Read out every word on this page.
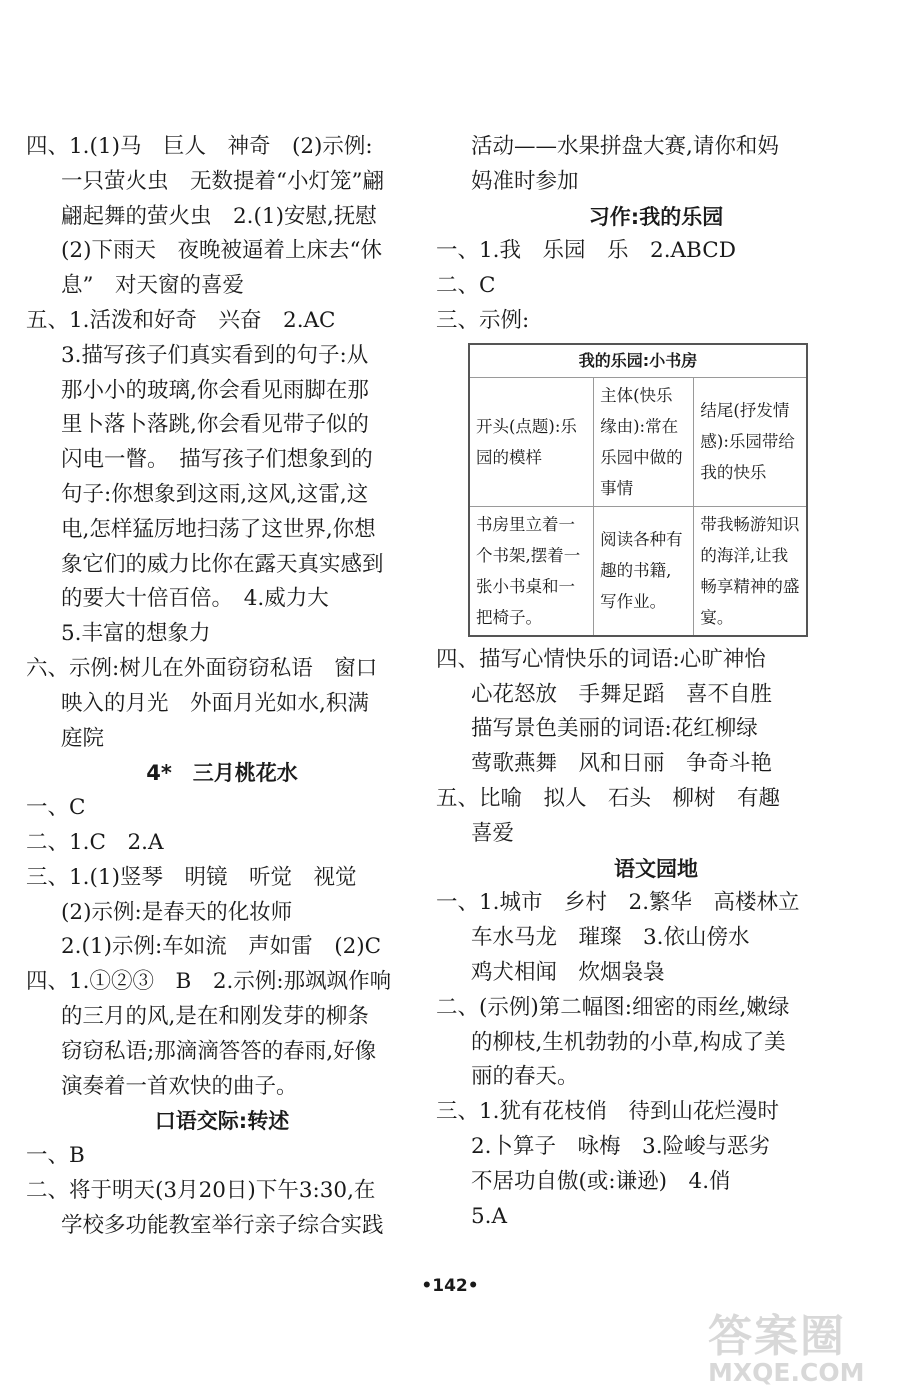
四、1.(1)马　巨人　神奇　(2)示例:
一只萤火虫　无数提着“小灯笼”翩
翩起舞的萤火虫　2.(1)安慰,抚慰
(2)下雨天　夜晚被逼着上床去“休
息”　对天窗的喜爱
五、1.活泼和好奇　兴奋　2.AC
3.描写孩子们真实看到的句子:从
那小小的玻璃,你会看见雨脚在那
里卜落卜落跳,你会看见带子似的
闪电一瞥。　描写孩子们想象到的
句子:你想象到这雨,这风,这雷,这
电,怎样猛厉地扫荡了这世界,你想
象它们的威力比你在露天真实感到
的要大十倍百倍。　4.威力大
5.丰富的想象力
六、示例:树儿在外面窃窃私语　窗口
映入的月光　外面月光如水,积满
庭院
4*　三月桃花水
一、C
二、1.C　2.A
三、1.(1)竖琴　明镜　听觉　视觉
(2)示例:是春天的化妆师
2.(1)示例:车如流　声如雷　(2)C
四、1.①②③　B　2.示例:那飒飒作响
的三月的风,是在和刚发芽的柳条
窃窃私语;那滴滴答答的春雨,好像
演奏着一首欢快的曲子。
口语交际:转述
一、B
二、将于明天(3月20日)下午3:30,在
学校多功能教室举行亲子综合实践
活动——水果拼盘大赛,请你和妈
妈准时参加
习作:我的乐园
一、1.我　乐园　乐　2.ABCD
二、C
三、示例:
我的乐园:小书房		
开头(点题):乐园的模样	主体(快乐缘由):常在乐园中做的事情	结尾(抒发情感):乐园带给我的快乐
书房里立着一个书架,摆着一张小书桌和一把椅子。	阅读各种有趣的书籍,写作业。	带我畅游知识的海洋,让我畅享精神的盛宴。
四、描写心情快乐的词语:心旷神怡
心花怒放　手舞足蹈　喜不自胜
描写景色美丽的词语:花红柳绿
莺歌燕舞　风和日丽　争奇斗艳
五、比喻　拟人　石头　柳树　有趣
喜爱
语文园地
一、1.城市　乡村　2.繁华　高楼林立
车水马龙　璀璨　3.依山傍水
鸡犬相闻　炊烟袅袅
二、(示例)第二幅图:细密的雨丝,嫩绿
的柳枝,生机勃勃的小草,构成了美
丽的春天。
三、1.犹有花枝俏　待到山花烂漫时
2.卜算子　咏梅　3.险峻与恶劣
不居功自傲(或:谦逊)　4.俏
5.A
•142•
答案圈
MXQE.COM
